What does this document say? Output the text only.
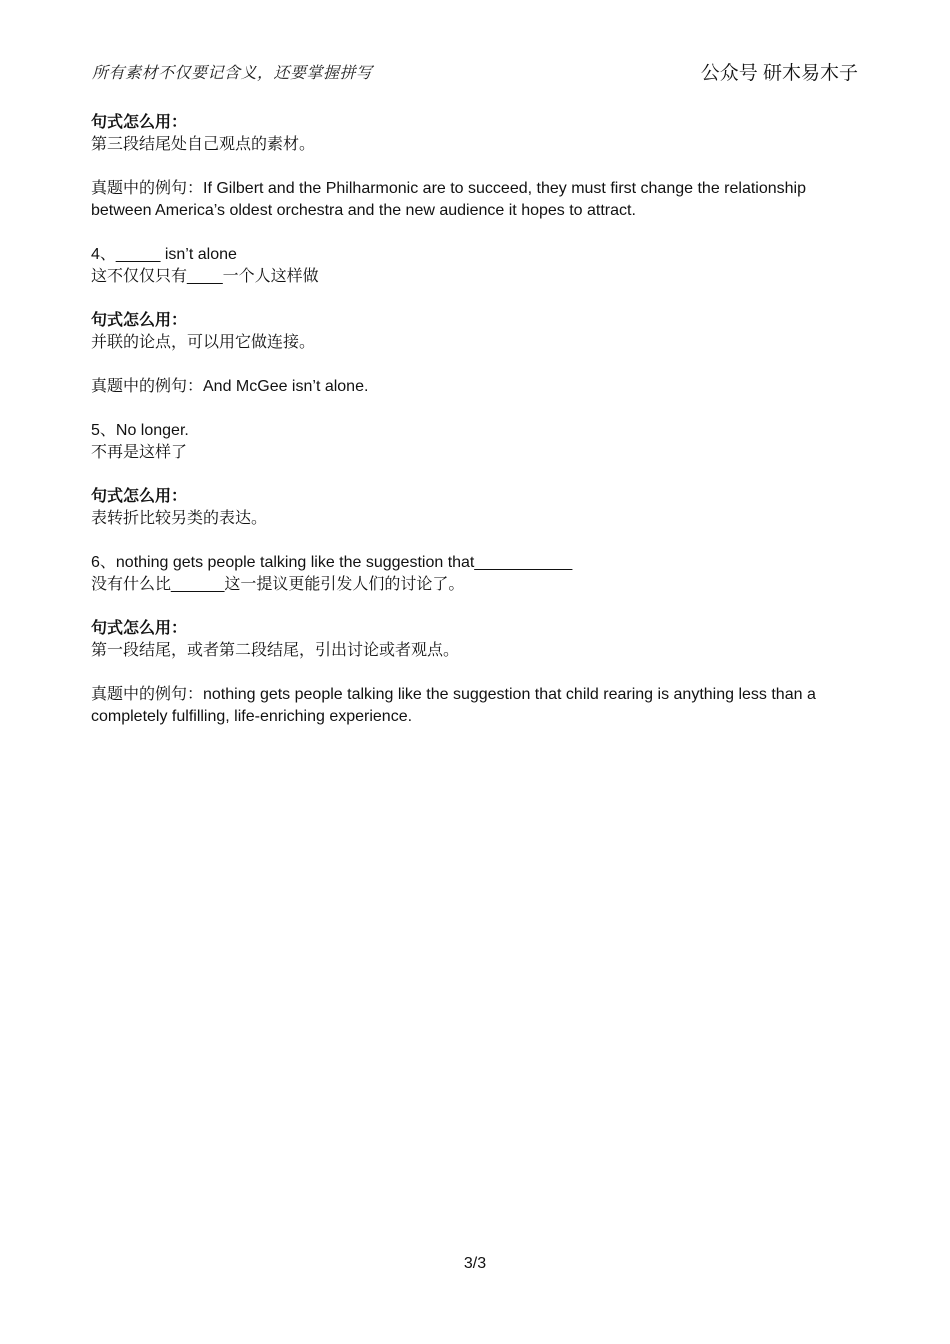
所有素材不仅要记含义，还要掌握拼写	公众号 研木易木子
句式怎么用：
第三段结尾处自己观点的素材。
真题中的例句：If Gilbert and the Philharmonic are to succeed, they must first change the relationship between America’s oldest orchestra and the new audience it hopes to attract.
4、_____ isn’t alone
这不仅仅只有____一个人这样做
句式怎么用：
并联的论点，可以用它做连接。
真题中的例句：And McGee isn’t alone.
5、No longer.
不再是这样了
句式怎么用：
表转折比较另类的表达。
6、nothing gets people talking like the suggestion that___________
没有什么比______这一提议更能引发人们的讨论了。
句式怎么用：
第一段结尾，或者第二段结尾，引出讨论或者观点。
真题中的例句：nothing gets people talking like the suggestion that child rearing is anything less than a completely fulfilling, life-enriching experience.
3/3
